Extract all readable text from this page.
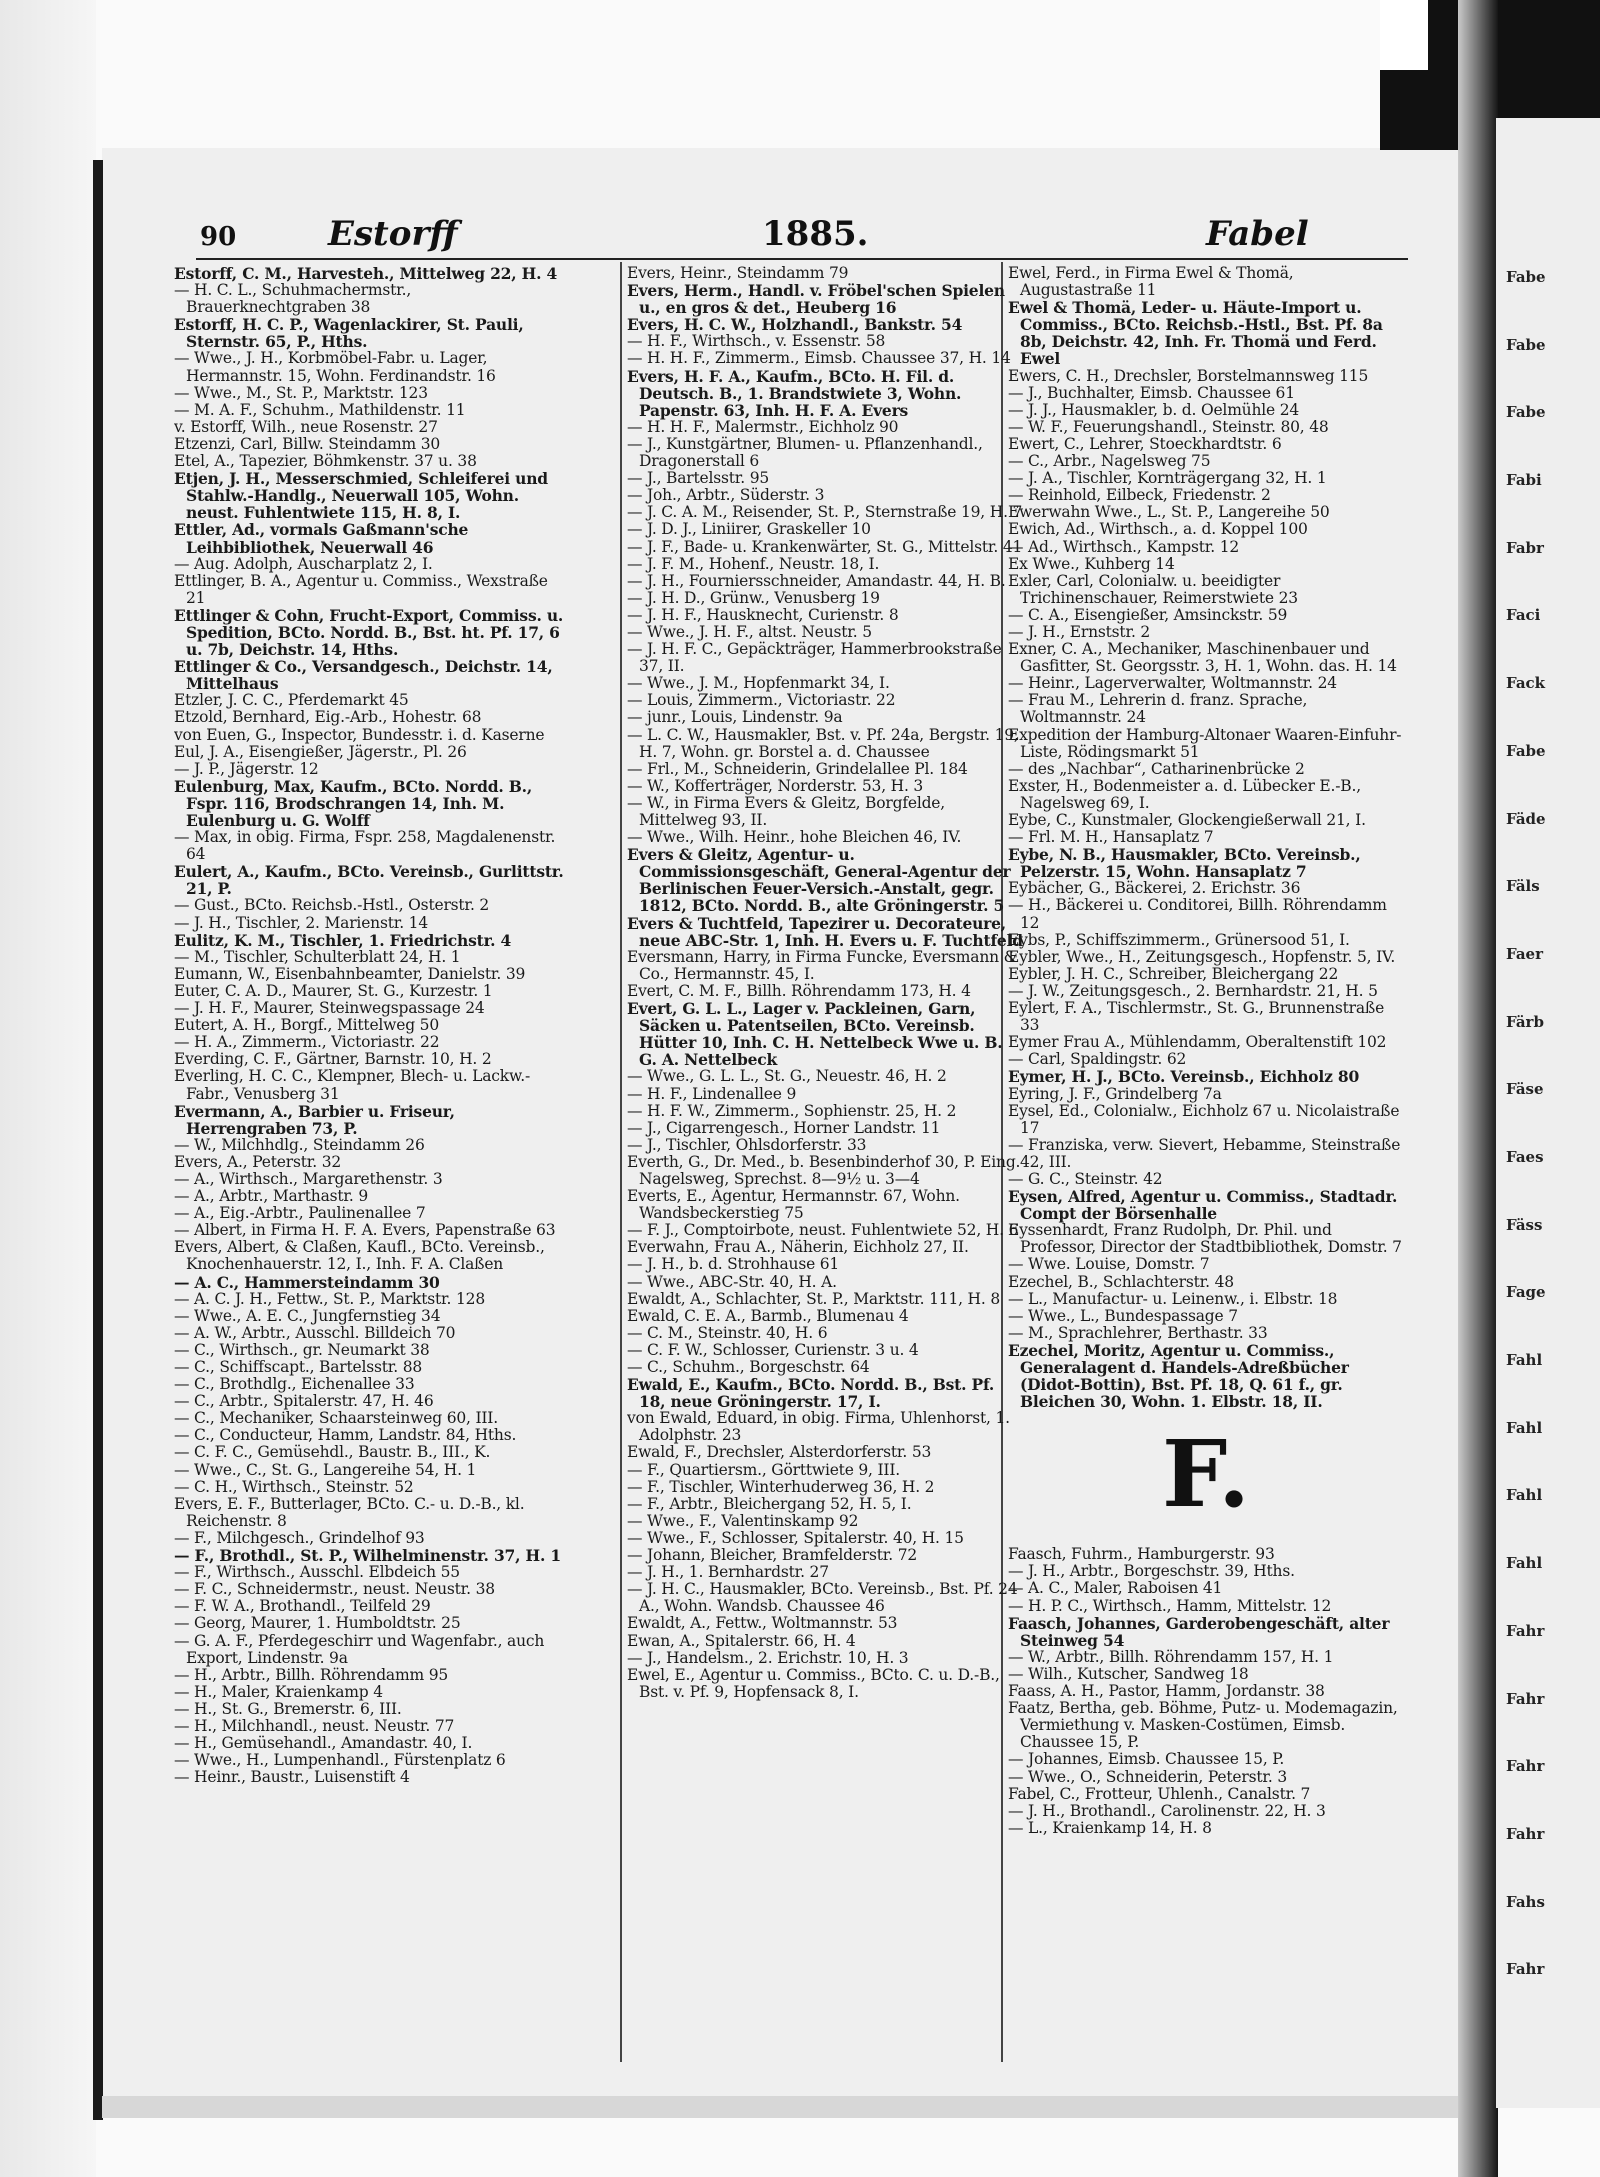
90	Estorff	1885.	Fabel
Estorff, C. M., Harvesteh., Mittelweg 22, H. 4
— H. C. L., Schuhmachermstr., Brauerknechtgraben 38
Estorff, H. C. P., Wagenlackirer, St. Pauli, Sternstr. 65, P., Hths.
— Wwe., J. H., Korbmöbel-Fabr. u. Lager, Hermannstr. 15, Wohn. Ferdinandstr. 16
— Wwe., M., St. P., Marktstr. 123
— M. A. F., Schuhm., Mathildenstr. 11
v. Estorff, Wilh., neue Rosenstr. 27
Etzenzi, Carl, Billw. Steindamm 30
Etel, A., Tapezier, Böhmkenstr. 37 u. 38
Etjen, J. H., Messerschmied, Schleiferei und Stahlw.-Handlg., Neuerwall 105, Wohn. neust. Fuhlentwiete 115, H. 8, I.
Ettler, Ad., vormals Gaßmann'sche Leihbibliothek, Neuerwall 46
— Aug. Adolph, Auscharplatz 2, I.
Ettlinger, B. A., Agentur u. Commiss., Wexstraße 21
Ettlinger & Cohn, Frucht-Export, Commiss. u. Spedition, BCto. Nordd. B., Bst. ht. Pf. 17, 6 u. 7b, Deichstr. 14, Hths.
Ettlinger & Co., Versandgesch., Deichstr. 14, Mittelhaus
Etzler, J. C. C., Pferdemarkt 45
Etzold, Bernhard, Eig.-Arb., Hohestr. 68
von Euen, G., Inspector, Bundesstr. i. d. Kaserne
Eul, J. A., Eisengießer, Jägerstr., Pl. 26
— J. P., Jägerstr. 12
Eulenburg, Max, Kaufm., BCto. Nordd. B., Fspr. 116, Brodschrangen 14, Inh. M. Eulenburg u. G. Wolff
— Max, in obig. Firma, Fspr. 258, Magdalenenstr. 64
Eulert, A., Kaufm., BCto. Vereinsb., Gurlittstr. 21, P.
— Gust., BCto. Reichsb.-Hstl., Osterstr. 2
— J. H., Tischler, 2. Marienstr. 14
Eulitz, K. M., Tischler, 1. Friedrichstr. 4
— M., Tischler, Schulterblatt 24, H. 1
Eumann, W., Eisenbahnbeamter, Danielstr. 39
Euter, C. A. D., Maurer, St. G., Kurzestr. 1
— J. H. F., Maurer, Steinwegspassage 24
Eutert, A. H., Borgf., Mittelweg 50
— H. A., Zimmerm., Victoriastr. 22
Everding, C. F., Gärtner, Barnstr. 10, H. 2
Everling, H. C. C., Klempner, Blech- u. Lackw.-Fabr., Venusberg 31
Evermann, A., Barbier u. Friseur, Herrengraben 73, P.
— W., Milchhdlg., Steindamm 26
Evers, A., Peterstr. 32
— A., Wirthsch., Margarethenstr. 3
— A., Arbtr., Marthastr. 9
— A., Eig.-Arbtr., Paulinenallee 7
— Albert, in Firma H. F. A. Evers, Papenstraße 63
Evers, Albert, & Claßen, Kaufl., BCto. Vereinsb., Knochenhauerstr. 12, I., Inh. F. A. Claßen
— A. C., Hammersteindamm 30
— A. C. J. H., Fettw., St. P., Marktstr. 128
— Wwe., A. E. C., Jungfernstieg 34
— A. W., Arbtr., Ausschl. Billdeich 70
— C., Wirthsch., gr. Neumarkt 38
— C., Schiffscapt., Bartelsstr. 88
— C., Brothdlg., Eichenallee 33
— C., Arbtr., Spitalerstr. 47, H. 46
— C., Mechaniker, Schaarsteinweg 60, III.
— C., Conducteur, Hamm, Landstr. 84, Hths.
— C. F. C., Gemüsehdl., Baustr. B., III., K.
— Wwe., C., St. G., Langereihe 54, H. 1
— C. H., Wirthsch., Steinstr. 52
Evers, E. F., Butterlager, BCto. C.- u. D.-B., kl. Reichenstr. 8
— F., Milchgesch., Grindelhof 93
— F., Brothdl., St. P., Wilhelminenstr. 37, H. 1
— F., Wirthsch., Ausschl. Elbdeich 55
— F. C., Schneidermstr., neust. Neustr. 38
— F. W. A., Brothandl., Teilfeld 29
— Georg, Maurer, 1. Humboldtstr. 25
— G. A. F., Pferdegeschirr und Wagenfabr., auch Export, Lindenstr. 9a
— H., Arbtr., Billh. Röhrendamm 95
— H., Maler, Kraienkamp 4
— H., St. G., Bremerstr. 6, III.
— H., Milchhandl., neust. Neustr. 77
— H., Gemüsehandl., Amandastr. 40, I.
— Wwe., H., Lumpenhandl., Fürstenplatz 6
— Heinr., Baustr., Luisenstift 4
Evers, Heinr., Steindamm 79
Evers, Herm., Handl. v. Fröbel'schen Spielen u., en gros & det., Heuberg 16
Evers, H. C. W., Holzhandl., Bankstr. 54
— H. F., Wirthsch., v. Essenstr. 58
— H. H. F., Zimmerm., Eimsb. Chaussee 37, H. 14
Evers, H. F. A., Kaufm., BCto. H. Fil. d. Deutsch. B., 1. Brandstwiete 3, Wohn. Papenstr. 63, Inh. H. F. A. Evers
— H. H. F., Malermstr., Eichholz 90
— J., Kunstgärtner, Blumen- u. Pflanzenhandl., Dragonerstall 6
— J., Bartelsstr. 95
— Joh., Arbtr., Süderstr. 3
— J. C. A. M., Reisender, St. P., Sternstraße 19, H. 7
— J. D. J., Liniirer, Graskeller 10
— J. F., Bade- u. Krankenwärter, St. G., Mittelstr. 41
— J. F. M., Hohenf., Neustr. 18, I.
— J. H., Fourniersschneider, Amandastr. 44, H. B.
— J. H. D., Grünw., Venusberg 19
— J. H. F., Hausknecht, Curienstr. 8
— Wwe., J. H. F., altst. Neustr. 5
— J. H. F. C., Gepäckträger, Hammerbrookstraße 37, II.
— Wwe., J. M., Hopfenmarkt 34, I.
— Louis, Zimmerm., Victoriastr. 22
— junr., Louis, Lindenstr. 9a
— L. C. W., Hausmakler, Bst. v. Pf. 24a, Bergstr. 19, H. 7, Wohn. gr. Borstel a. d. Chaussee
— Frl., M., Schneiderin, Grindelallee Pl. 184
— W., Kofferträger, Norderstr. 53, H. 3
— W., in Firma Evers & Gleitz, Borgfelde, Mittelweg 93, II.
— Wwe., Wilh. Heinr., hohe Bleichen 46, IV.
Evers & Gleitz, Agentur- u. Commissionsgeschäft, General-Agentur der Berlinischen Feuer-Versich.-Anstalt, gegr. 1812, BCto. Nordd. B., alte Gröningerstr. 5
Evers & Tuchtfeld, Tapezirer u. Decorateure, neue ABC-Str. 1, Inh. H. Evers u. F. Tuchtfeld
Eversmann, Harry, in Firma Funcke, Eversmann & Co., Hermannstr. 45, I.
Evert, C. M. F., Billh. Röhrendamm 173, H. 4
Evert, G. L. L., Lager v. Packleinen, Garn, Säcken u. Patentseilen, BCto. Vereinsb. Hütter 10, Inh. C. H. Nettelbeck Wwe u. B. G. A. Nettelbeck
— Wwe., G. L. L., St. G., Neuestr. 46, H. 2
— H. F., Lindenallee 9
— H. F. W., Zimmerm., Sophienstr. 25, H. 2
— J., Cigarrengesch., Horner Landstr. 11
— J., Tischler, Ohlsdorferstr. 33
Everth, G., Dr. Med., b. Besenbinderhof 30, P. Eing. Nagelsweg, Sprechst. 8—9½ u. 3—4
Everts, E., Agentur, Hermannstr. 67, Wohn. Wandsbeckerstieg 75
— F. J., Comptoirbote, neust. Fuhlentwiete 52, H. 6
Everwahn, Frau A., Näherin, Eichholz 27, II.
— J. H., b. d. Strohhause 61
— Wwe., ABC-Str. 40, H. A.
Ewaldt, A., Schlachter, St. P., Marktstr. 111, H. 8
Ewald, C. E. A., Barmb., Blumenau 4
— C. M., Steinstr. 40, H. 6
— C. F. W., Schlosser, Curienstr. 3 u. 4
— C., Schuhm., Borgeschstr. 64
Ewald, E., Kaufm., BCto. Nordd. B., Bst. Pf. 18, neue Gröningerstr. 17, I.
von Ewald, Eduard, in obig. Firma, Uhlenhorst, 1. Adolphstr. 23
Ewald, F., Drechsler, Alsterdorferstr. 53
— F., Quartiersm., Görttwiete 9, III.
— F., Tischler, Winterhuderweg 36, H. 2
— F., Arbtr., Bleichergang 52, H. 5, I.
— Wwe., F., Valentinskamp 92
— Wwe., F., Schlosser, Spitalerstr. 40, H. 15
— Johann, Bleicher, Bramfelderstr. 72
— J. H., 1. Bernhardstr. 27
— J. H. C., Hausmakler, BCto. Vereinsb., Bst. Pf. 24 A., Wohn. Wandsb. Chaussee 46
Ewaldt, A., Fettw., Woltmannstr. 53
Ewan, A., Spitalerstr. 66, H. 4
— J., Handelsm., 2. Erichstr. 10, H. 3
Ewel, E., Agentur u. Commiss., BCto. C. u. D.-B., Bst. v. Pf. 9, Hopfensack 8, I.
Ewel, Ferd., in Firma Ewel & Thomä, Augustastraße 11
Ewel & Thomä, Leder- u. Häute-Import u. Commiss., BCto. Reichsb.-Hstl., Bst. Pf. 8a 8b, Deichstr. 42, Inh. Fr. Thomä und Ferd. Ewel
Ewers, C. H., Drechsler, Borstelmannsweg 115
— J., Buchhalter, Eimsb. Chaussee 61
— J. J., Hausmakler, b. d. Oelmühle 24
— W. F., Feuerungshandl., Steinstr. 80, 48
Ewert, C., Lehrer, Stoeckhardtstr. 6
— C., Arbr., Nagelsweg 75
— J. A., Tischler, Kornträgergang 32, H. 1
— Reinhold, Eilbeck, Friedenstr. 2
Ewerwahn Wwe., L., St. P., Langereihe 50
Ewich, Ad., Wirthsch., a. d. Koppel 100
— Ad., Wirthsch., Kampstr. 12
Ex Wwe., Kuhberg 14
Exler, Carl, Colonialw. u. beeidigter Trichinenschauer, Reimerstwiete 23
— C. A., Eisengießer, Amsinckstr. 59
— J. H., Ernststr. 2
Exner, C. A., Mechaniker, Maschinenbauer und Gasfitter, St. Georgsstr. 3, H. 1, Wohn. das. H. 14
— Heinr., Lagerverwalter, Woltmannstr. 24
— Frau M., Lehrerin d. franz. Sprache, Woltmannstr. 24
Expedition der Hamburg-Altonaer Waaren-Einfuhr-Liste, Rödingsmarkt 51
— des „Nachbar“, Catharinenbrücke 2
Exster, H., Bodenmeister a. d. Lübecker E.-B., Nagelsweg 69, I.
Eybe, C., Kunstmaler, Glockengießerwall 21, I.
— Frl. M. H., Hansaplatz 7
Eybe, N. B., Hausmakler, BCto. Vereinsb., Pelzerstr. 15, Wohn. Hansaplatz 7
Eybächer, G., Bäckerei, 2. Erichstr. 36
— H., Bäckerei u. Conditorei, Billh. Röhrendamm 12
Eybs, P., Schiffszimmerm., Grünersood 51, I.
Eybler, Wwe., H., Zeitungsgesch., Hopfenstr. 5, IV.
Eybler, J. H. C., Schreiber, Bleichergang 22
— J. W., Zeitungsgesch., 2. Bernhardstr. 21, H. 5
Eylert, F. A., Tischlermstr., St. G., Brunnenstraße 33
Eymer Frau A., Mühlendamm, Oberaltenstift 102
— Carl, Spaldingstr. 62
Eymer, H. J., BCto. Vereinsb., Eichholz 80
Eyring, J. F., Grindelberg 7a
Eysel, Ed., Colonialw., Eichholz 67 u. Nicolaistraße 17
— Franziska, verw. Sievert, Hebamme, Steinstraße 42, III.
— G. C., Steinstr. 42
Eysen, Alfred, Agentur u. Commiss., Stadtadr. Compt der Börsenhalle
Eyssenhardt, Franz Rudolph, Dr. Phil. und Professor, Director der Stadtbibliothek, Domstr. 7
— Wwe. Louise, Domstr. 7
Ezechel, B., Schlachterstr. 48
— L., Manufactur- u. Leinenw., i. Elbstr. 18
— Wwe., L., Bundespassage 7
— M., Sprachlehrer, Berthastr. 33
Ezechel, Moritz, Agentur u. Commiss., Generalagent d. Handels-Adreßbücher (Didot-Bottin), Bst. Pf. 18, Q. 61 f., gr. Bleichen 30, Wohn. 1. Elbstr. 18, II.
F.
Faasch, Fuhrm., Hamburgerstr. 93
— J. H., Arbtr., Borgeschstr. 39, Hths.
— A. C., Maler, Raboisen 41
— H. P. C., Wirthsch., Hamm, Mittelstr. 12
Faasch, Johannes, Garderobengeschäft, alter Steinweg 54
— W., Arbtr., Billh. Röhrendamm 157, H. 1
— Wilh., Kutscher, Sandweg 18
Faass, A. H., Pastor, Hamm, Jordanstr. 38
Faatz, Bertha, geb. Böhme, Putz- u. Modemagazin, Vermiethung v. Masken-Costümen, Eimsb. Chaussee 15, P.
— Johannes, Eimsb. Chaussee 15, P.
— Wwe., O., Schneiderin, Peterstr. 3
Fabel, C., Frotteur, Uhlenh., Canalstr. 7
— J. H., Brothandl., Carolinenstr. 22, H. 3
— L., Kraienkamp 14, H. 8
Fabe
Fabe
Fabe
Fabi
Fabr
Faci
Fack
Fabe
Fäde
Fäls
Faer
Färb
Fäse
Faes
Fäss
Fage
Fahl
Fahl
Fahl
Fahl
Fahr
Fahr
Fahr
Fahr
Fahs
Fahr
